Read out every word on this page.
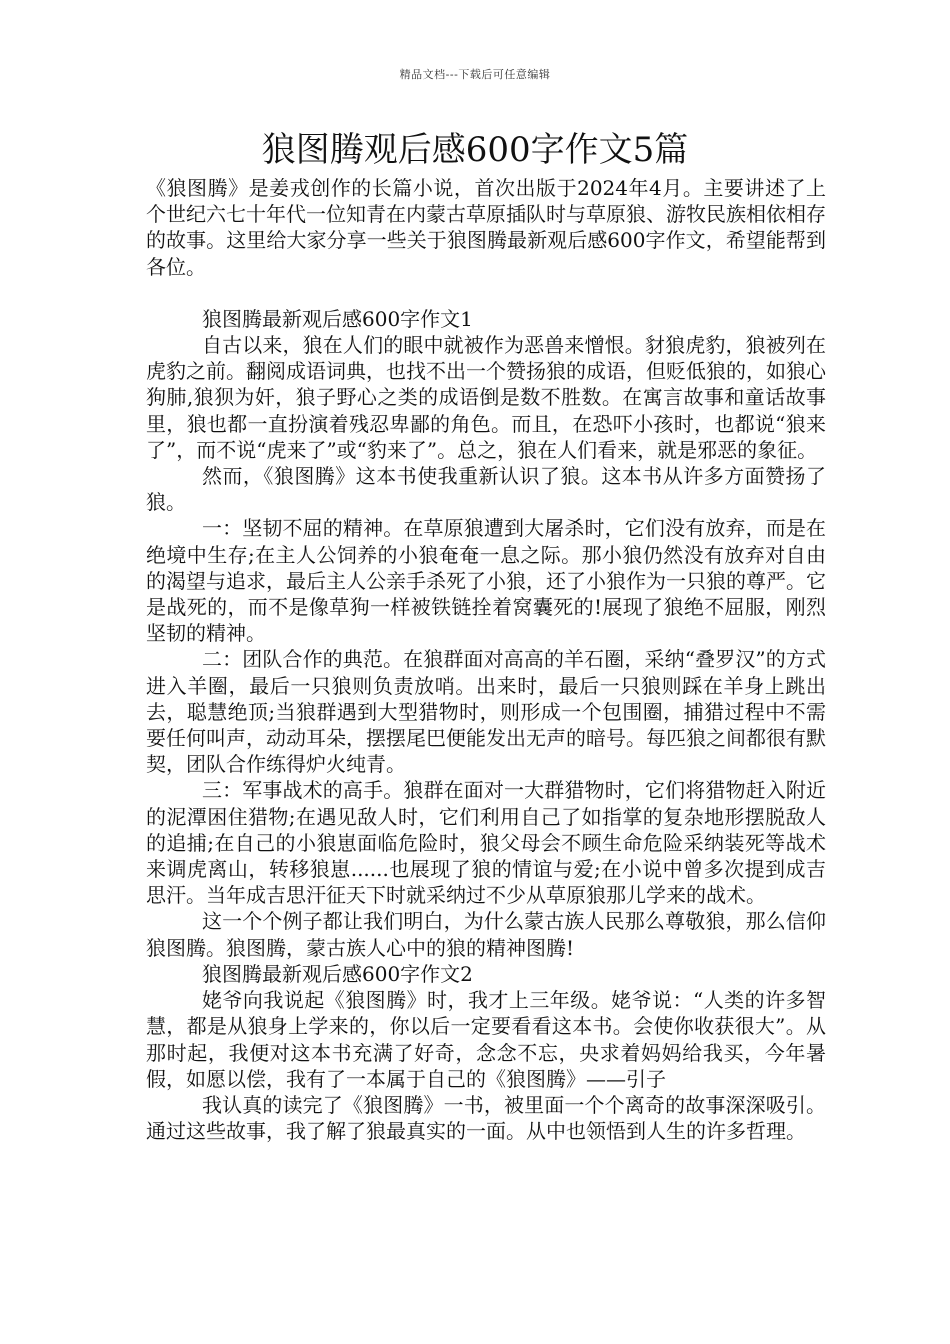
精品文档---下载后可任意编辑
狼图腾观后感600字作文5篇

《狼图腾》是姜戎创作的长篇小说，首次出版于2024年4月。主要讲述了上个世纪六七十年代一位知青在内蒙古草原插队时与草原狼、游牧民族相依相存的故事。这里给大家分享一些关于狼图腾最新观后感600字作文，希望能帮到各位。

狼图腾最新观后感600字作文1

自古以来，狼在人们的眼中就被作为恶兽来憎恨。豺狼虎豹，狼被列在虎豹之前。翻阅成语词典，也找不出一个赞扬狼的成语，但贬低狼的，如狼心狗肺,狼狈为奸，狼子野心之类的成语倒是数不胜数。在寓言故事和童话故事里，狼也都一直扮演着残忍卑鄙的角色。而且，在恐吓小孩时，也都说“狼来了”，而不说“虎来了”或“豹来了”。总之，狼在人们看来，就是邪恶的象征。

然而，《狼图腾》这本书使我重新认识了狼。这本书从许多方面赞扬了狼。

一：坚韧不屈的精神。在草原狼遭到大屠杀时，它们没有放弃，而是在绝境中生存;在主人公饲养的小狼奄奄一息之际。那小狼仍然没有放弃对自由的渴望与追求，最后主人公亲手杀死了小狼，还了小狼作为一只狼的尊严。它是战死的，而不是像草狗一样被铁链拴着窝囊死的!展现了狼绝不屈服，刚烈坚韧的精神。

二：团队合作的典范。在狼群面对高高的羊石圈，采纳“叠罗汉”的方式进入羊圈，最后一只狼则负责放哨。出来时，最后一只狼则踩在羊身上跳出去，聪慧绝顶;当狼群遇到大型猎物时，则形成一个包围圈，捕猎过程中不需要任何叫声，动动耳朵，摆摆尾巴便能发出无声的暗号。每匹狼之间都很有默契，团队合作练得炉火纯青。

三：军事战术的高手。狼群在面对一大群猎物时，它们将猎物赶入附近的泥潭困住猎物;在遇见敌人时，它们利用自己了如指掌的复杂地形摆脱敌人的追捕;在自己的小狼崽面临危险时，狼父母会不顾生命危险采纳装死等战术来调虎离山，转移狼崽......也展现了狼的情谊与爱;在小说中曾多次提到成吉思汗。当年成吉思汗征天下时就采纳过不少从草原狼那儿学来的战术。

这一个个例子都让我们明白，为什么蒙古族人民那么尊敬狼，那么信仰狼图腾。狼图腾，蒙古族人心中的狼的精神图腾!

狼图腾最新观后感600字作文2

姥爷向我说起《狼图腾》时，我才上三年级。姥爷说：“人类的许多智慧，都是从狼身上学来的，你以后一定要看看这本书。会使你收获很大”。从那时起，我便对这本书充满了好奇，念念不忘，央求着妈妈给我买，今年暑假，如愿以偿，我有了一本属于自己的《狼图腾》——引子

我认真的读完了《狼图腾》一书，被里面一个个离奇的故事深深吸引。通过这些故事，我了解了狼最真实的一面。从中也领悟到人生的许多哲理。
